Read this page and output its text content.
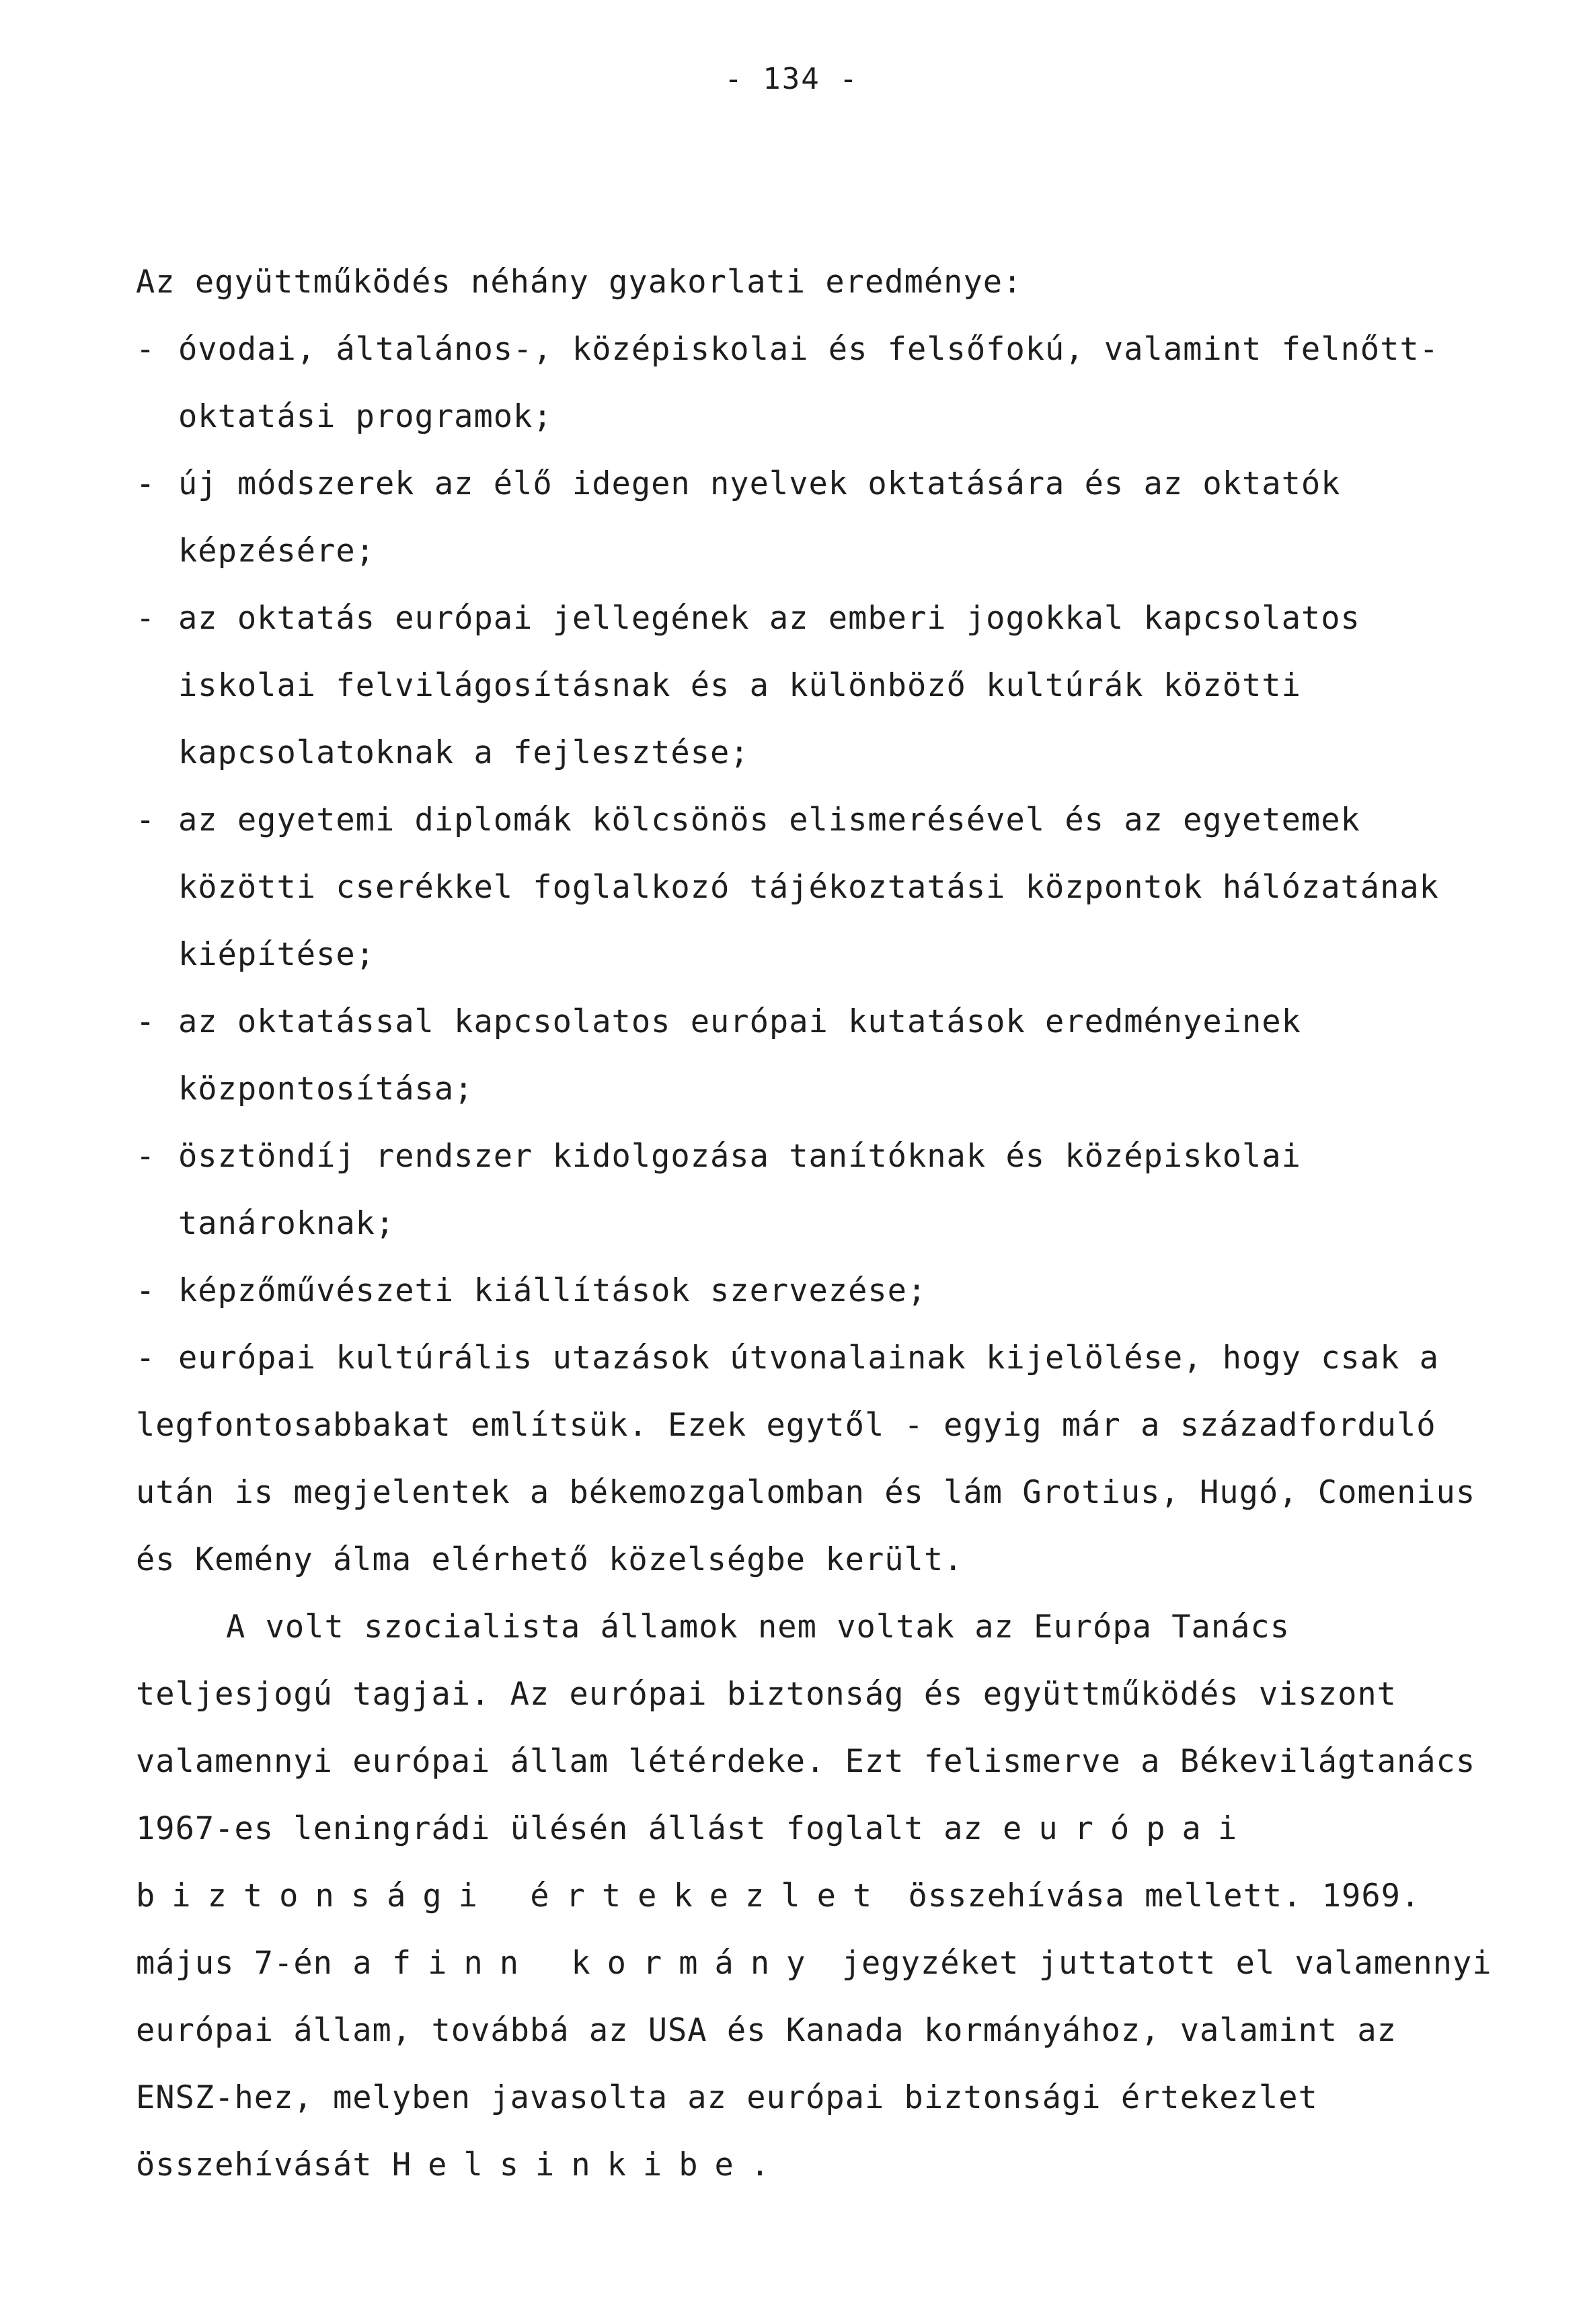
- 134 -

Az együttműködés néhány gyakorlati eredménye:

- óvodai, általános-, középiskolai és felsőfokú, valamint felnőtt-oktatási programok;
- új módszerek az élő idegen nyelvek oktatására és az oktatók képzésére;
- az oktatás európai jellegének az emberi jogokkal kapcsolatos iskolai felvilágosításnak és a különböző kultúrák közötti kapcsolatoknak a fejlesztése;
- az egyetemi diplomák kölcsönös elismerésével és az egyetemek közötti cserékkel foglalkozó tájékoztatási központok hálózatának kiépítése;
- az oktatással kapcsolatos európai kutatások eredményeinek központosítása;
- ösztöndíj rendszer kidolgozása tanítóknak és középiskolai tanároknak;
- képzőművészeti kiállítások szervezése;
- európai kultúrális utazások útvonalainak kijelölése, hogy csak a

legfontosabbakat említsük. Ezek egytől - egyig már a századforduló után is megjelentek a békemozgalomban és lám Grotius, Hugó, Comenius és Kemény álma elérhető közelségbe került.

A volt szocialista államok nem voltak az Európa Tanács teljesjogú tagjai. Az európai biztonság és együttműködés viszont valamennyi európai állam létérdeke. Ezt felismerve a Békevilágtanács 1967-es leningrádi ülésén állást foglalt az európai biztonsági értekezlet összehívása mellett. 1969. május 7-én a finn kormány jegyzéket juttatott el valamennyi európai állam, továbbá az USA és Kanada kormányához, valamint az ENSZ-hez, melyben javasolta az európai biztonsági értekezlet összehívását Helsinkibe.
